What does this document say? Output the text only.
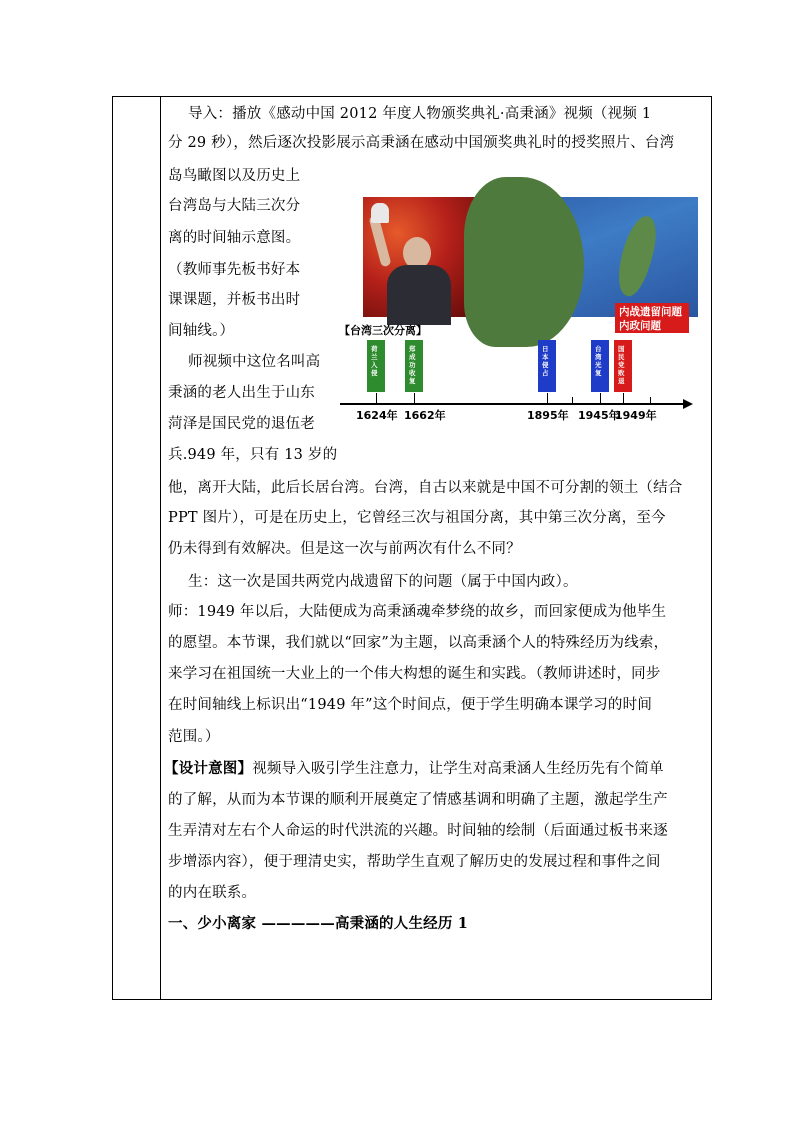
导入：播放《感动中国 2012 年度人物颁奖典礼·高秉涵》视频（视频 1
分 29 秒），然后逐次投影展示高秉涵在感动中国颁奖典礼时的授奖照片、台湾
岛鸟瞰图以及历史上
台湾岛与大陆三次分
离的时间轴示意图。
（教师事先板书好本
课课题，并板书出时
间轴线。）
师视频中这位名叫高
秉涵的老人出生于山东
菏泽是国民党的退伍老
兵.949 年，只有 13 岁的
他，离开大陆，此后长居台湾。台湾，自古以来就是中国不可分割的领土（结合
PPT 图片），可是在历史上，它曾经三次与祖国分离，其中第三次分离，至今
仍未得到有效解决。但是这一次与前两次有什么不同？
生：这一次是国共两党内战遗留下的问题（属于中国内政）。
师：1949 年以后，大陆便成为高秉涵魂牵梦绕的故乡，而回家便成为他毕生
的愿望。本节课，我们就以“回家”为主题，以高秉涵个人的特殊经历为线索，
来学习在祖国统一大业上的一个伟大构想的诞生和实践。（教师讲述时，同步
在时间轴线上标识出“1949 年”这个时间点，便于学生明确本课学习的时间
范围。）
【设计意图】视频导入吸引学生注意力，让学生对高秉涵人生经历先有个简单
的了解，从而为本节课的顺利开展奠定了情感基调和明确了主题，激起学生产
生弄清对左右个人命运的时代洪流的兴趣。时间轴的绘制（后面通过板书来逐
步增添内容），便于理清史实，帮助学生直观了解历史的发展过程和事件之间
的内在联系。
一、少小离家 —————高秉涵的人生经历 1
内战遗留问题
内政问题
【台湾三次分离】
荷兰入侵
郑成功收复
日本侵占
台湾光复
国民党败退
1624年 1662年	1895年 1945年
1949年
